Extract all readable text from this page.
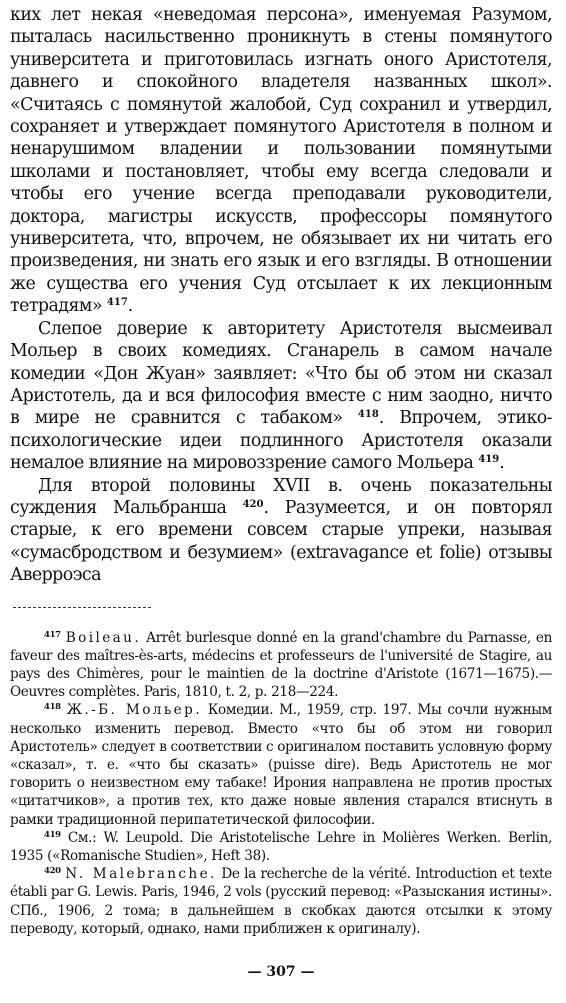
ких лет некая «неведомая персона», именуемая Разумом, пыталась насильственно проникнуть в стены помянутого университета и приготовилась изгнать оного Аристотеля, давнего и спокойного владетеля названных школ». «Считаясь с помянутой жалобой, Суд сохранил и утвердил, сохраняет и утверждает помянутого Аристотеля в полном и ненарушимом владении и пользовании помянутыми школами и постановляет, чтобы ему всегда следовали и чтобы его учение всегда преподавали руководители, доктора, магистры искусств, профессоры помянутого университета, что, впрочем, не обязывает их ни читать его произведения, ни знать его язык и его взгляды. В отношении же существа его учения Суд отсылает к их лекционным тетрадям» $^{417}$.

Слепое доверие к авторитету Аристотеля высмеивал Мольер в своих комедиях. Сганарель в самом начале комедии «Дон Жуан» заявляет: «Что бы об этом ни сказал Аристотель, да и вся философия вместе с ним заодно, ничто в мире не сравнится с табаком» $^{418}$. Впрочем, этико-психологические идеи подлинного Аристотеля оказали немалое влияние на мировоззрение самого Мольера $^{419}$.

Для второй половины XVII в. очень показательны суждения Мальбранша $^{420}$. Разумеется, и он повторял старые, к его времени совсем старые упреки, называя «сумасбродством и безумием» (extravagance et folie) отзывы Аверроэса

$^{417}$ Boileau. Arrêt burlesque donné en la grand'chambre du Parnasse, en faveur des maîtres-ès-arts, médecins et professeurs de l'université de Stagire, au pays des Chimères, pour le maintien de la doctrine d'Aristote (1671—1675).— Oeuvres complètes. Paris, 1810, t. 2, p. 218—224.

$^{418}$ Ж.-Б. Мольер. Комедии. М., 1959, стр. 197. Мы сочли нужным несколько изменить перевод. Вместо «что бы об этом ни говорил Аристотель» следует в соответствии с оригиналом поставить условную форму «сказал», т. е. «что бы сказать» (puisse dire). Ведь Аристотель не мог говорить о неизвестном ему табаке! Ирония направлена не против простых «цитатчиков», а против тех, кто даже новые явления старался втиснуть в рамки традиционной перипатетической философии.

$^{419}$ См.: W. Leupold. Die Aristotelische Lehre in Molières Werken. Berlin, 1935 («Romanische Studien», Heft 38).

$^{420}$ N. Malebranche. De la recherche de la vérité. Introduction et texte établi par G. Lewis. Paris, 1946, 2 vols (русский перевод: «Разыскания истины». СПб., 1906, 2 тома; в дальнейшем в скобках даются отсылки к этому переводу, который, однако, нами приближен к оригиналу).

— 307 —
